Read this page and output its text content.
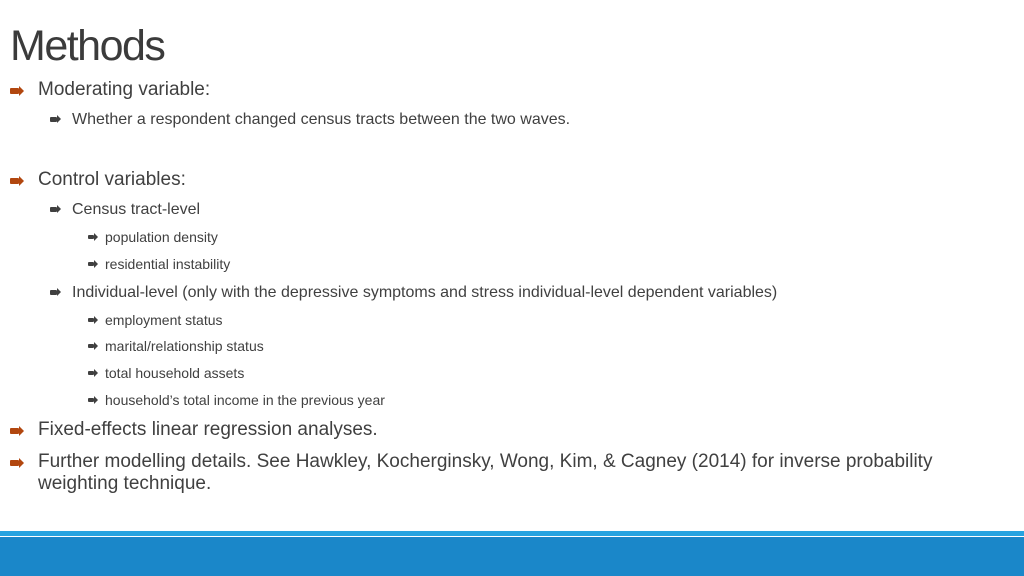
Methods
Moderating variable:
Whether a respondent changed census tracts between the two waves.
Control variables:
Census tract-level
population density
residential instability
Individual-level (only with the depressive symptoms and stress individual-level dependent variables)
employment status
marital/relationship status
total household assets
household’s total income in the previous year
Fixed-effects linear regression analyses.
Further modelling details. See Hawkley, Kocherginsky, Wong, Kim, & Cagney (2014) for inverse probability weighting technique.
